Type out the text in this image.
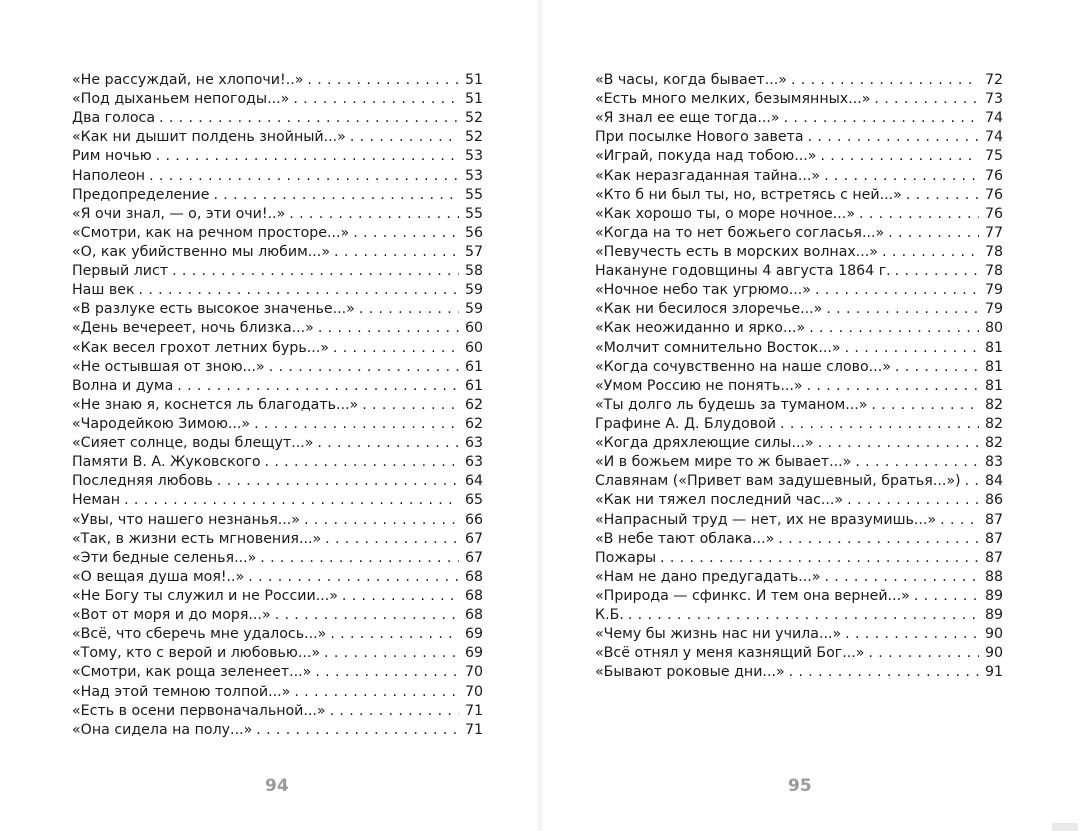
«Не рассуждай, не хлопочи!..» . . .	51
«Под дыханьем непогоды...» . . .	51
Два голоса . . .	52
«Как ни дышит полдень знойный...» . . .	52
Рим ночью . . .	53
Наполеон . . .	53
Предопределение . . .	55
«Я очи знал, — о, эти очи!..» . . .	55
«Смотри, как на речном просторе...» . . .	56
«О, как убийственно мы любим...» . . .	57
Первый лист . . .	58
Наш век . . .	59
«В разлуке есть высокое значенье...» . . .	59
«День вечереет, ночь близка...» . . .	60
«Как весел грохот летних бурь...» . . .	60
«Не остывшая от зною...» . . .	61
Волна и дума . . .	61
«Не знаю я, коснется ль благодать...» . . .	62
«Чародейкою Зимою...» . . .	62
«Сияет солнце, воды блещут...» . . .	63
Памяти В. А. Жуковского . . .	63
Последняя любовь . . .	64
Неман . . .	65
«Увы, что нашего незнанья...» . . .	66
«Так, в жизни есть мгновения...» . . .	67
«Эти бедные селенья...» . . .	67
«О вещая душа моя!..» . . .	68
«Не Богу ты служил и не России...» . . .	68
«Вот от моря и до моря...» . . .	68
«Всё, что сберечь мне удалось...» . . .	69
«Тому, кто с верой и любовью...» . . .	69
«Смотри, как роща зеленеет...» . . .	70
«Над этой темною толпой...» . . .	70
«Есть в осени первоначальной...» . . .	71
«Она сидела на полу...» . . .	71
«В часы, когда бывает...» . . .	72
«Есть много мелких, безымянных...» . . .	73
«Я знал ее еще тогда...» . . .	74
При посылке Нового завета . . .	74
«Играй, покуда над тобою...» . . .	75
«Как неразгаданная тайна...» . . .	76
«Кто б ни был ты, но, встретясь с ней...» . . .	76
«Как хорошо ты, о море ночное...» . . .	76
«Когда на то нет божьего согласья...» . . .	77
«Певучесть есть в морских волнах...» . . .	78
Накануне годовщины 4 августа 1864 г. . . .	78
«Ночное небо так угрюмо...» . . .	79
«Как ни бесилося злоречье...» . . .	79
«Как неожиданно и ярко...» . . .	80
«Молчит сомнительно Восток...» . . .	81
«Когда сочувственно на наше слово...» . . .	81
«Умом Россию не понять...» . . .	81
«Ты долго ль будешь за туманом...» . . .	82
Графине А. Д. Блудовой . . .	82
«Когда дряхлеющие силы...» . . .	82
«И в божьем мире то ж бывает...» . . .	83
Славянам («Привет вам задушевный, братья...») . . . 84
«Как ни тяжел последний час...» . . .	86
«Напрасный труд — нет, их не вразумишь...» . . .	87
«В небе тают облака...» . . .	87
Пожары . . .	87
«Нам не дано предугадать...» . . .	88
«Природа — сфинкс. И тем она верней...» . . .	89
К.Б. . . .	89
«Чему бы жизнь нас ни учила...» . . .	90
«Всё отнял у меня казнящий Бог...» . . .	90
«Бывают роковые дни...» . . .	91
94	95
